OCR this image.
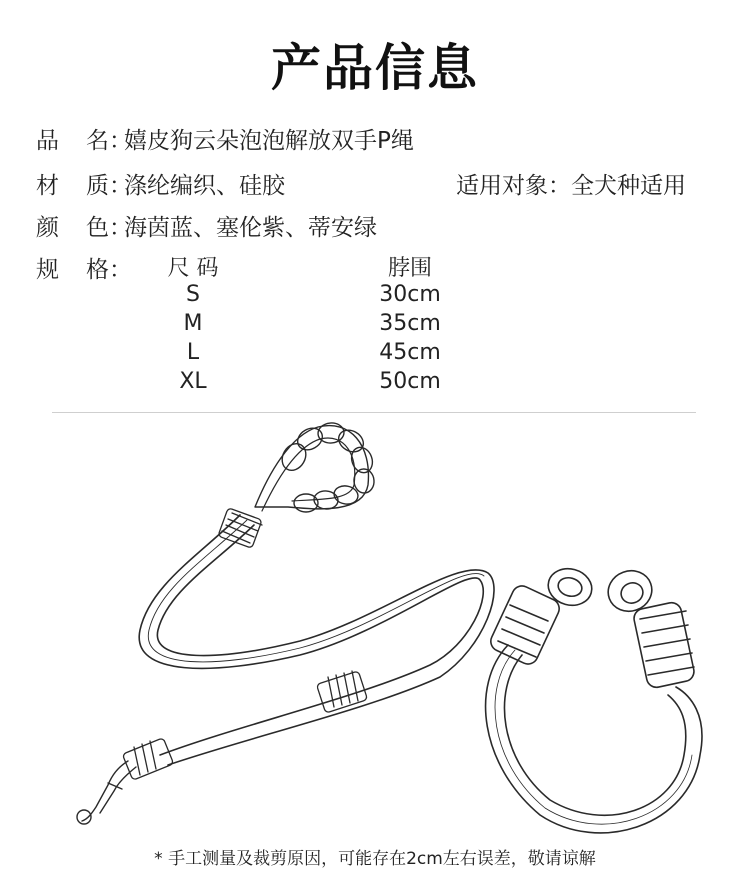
产品信息
品 名：嬉皮狗云朵泡泡解放双手P绳
材 质：涤纶编织、硅胶	适用对象：全犬种适用
颜 色：海茵蓝、塞伦紫、蒂安绿
规 格：	尺 码	脖围
S	30cm
M	35cm
L	45cm
XL	50cm
* 手工测量及裁剪原因，可能存在2cm左右误差，敬请谅解
